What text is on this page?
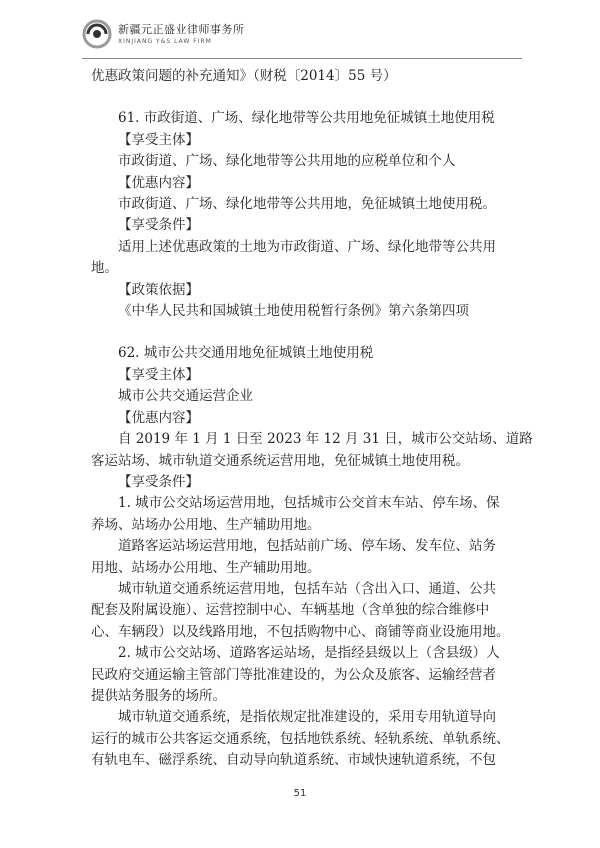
新疆元正盛业律师事务所
XINJIANG Y&S LAW FIRM

优惠政策问题的补充通知》（财税〔2014〕55 号）

61. 市政街道、广场、绿化地带等公共用地免征城镇土地使用税

【享受主体】

市政街道、广场、绿化地带等公共用地的应税单位和个人

【优惠内容】

市政街道、广场、绿化地带等公共用地，免征城镇土地使用税。

【享受条件】

适用上述优惠政策的土地为市政街道、广场、绿化地带等公共用

地。

【政策依据】

《中华人民共和国城镇土地使用税暂行条例》第六条第四项

62. 城市公共交通用地免征城镇土地使用税

【享受主体】

城市公共交通运营企业

【优惠内容】

自 2019 年 1 月 1 日至 2023 年 12 月 31 日，城市公交站场、道路

客运站场、城市轨道交通系统运营用地，免征城镇土地使用税。

【享受条件】

1. 城市公交站场运营用地，包括城市公交首末车站、停车场、保

养场、站场办公用地、生产辅助用地。

道路客运站场运营用地，包括站前广场、停车场、发车位、站务

用地、站场办公用地、生产辅助用地。

城市轨道交通系统运营用地，包括车站（含出入口、通道、公共

配套及附属设施）、运营控制中心、车辆基地（含单独的综合维修中

心、车辆段）以及线路用地，不包括购物中心、商铺等商业设施用地。

2. 城市公交站场、道路客运站场，是指经县级以上（含县级）人

民政府交通运输主管部门等批准建设的，为公众及旅客、运输经营者

提供站务服务的场所。

城市轨道交通系统，是指依规定批准建设的，采用专用轨道导向

运行的城市公共客运交通系统，包括地铁系统、轻轨系统、单轨系统、

有轨电车、磁浮系统、自动导向轨道系统、市域快速轨道系统，不包

51
